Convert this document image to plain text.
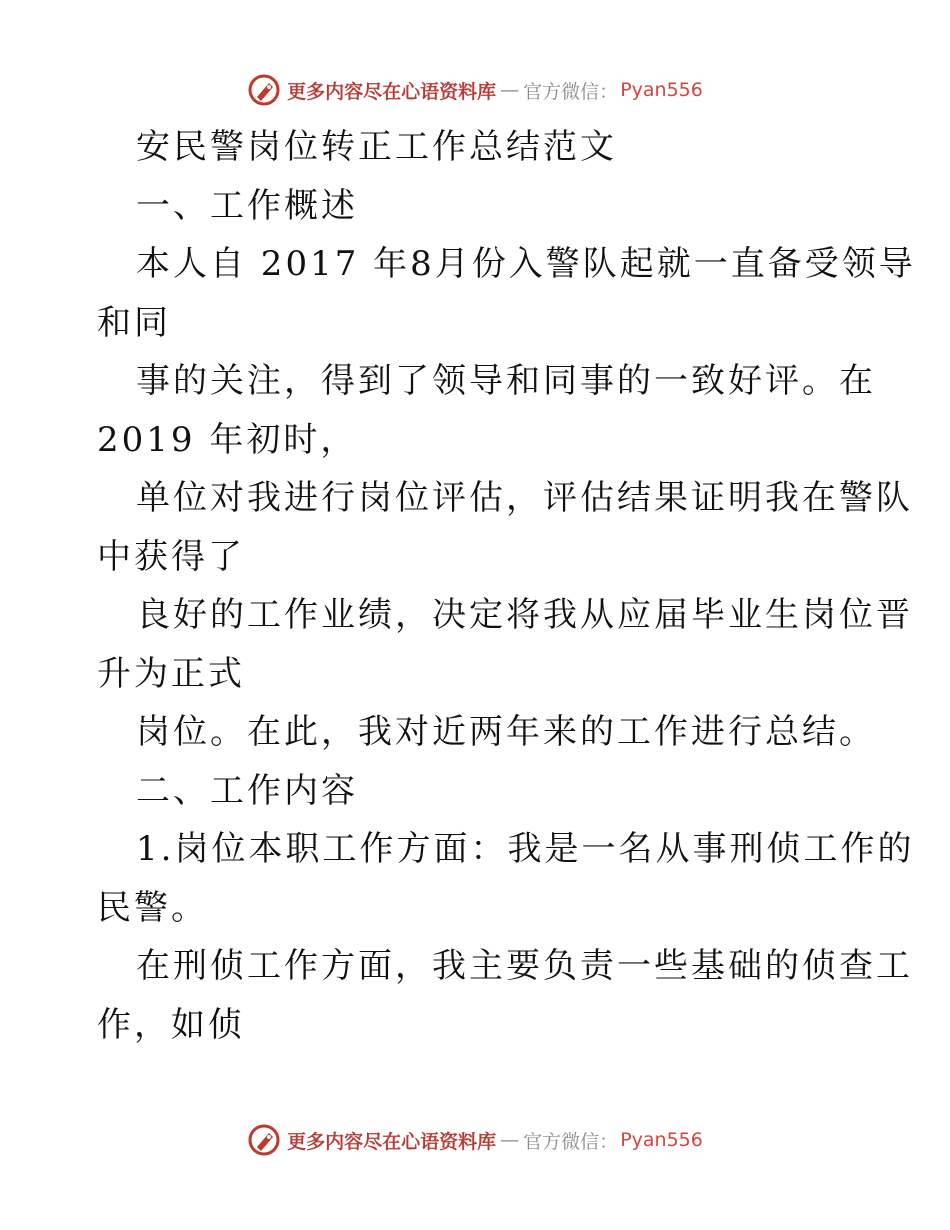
更多内容尽在心语资料库 — 官方微信： Pyan556
安民警岗位转正工作总结范文
一、工作概述
本人自 2017 年8月份入警队起就一直备受领导
和同
事的关注，得到了领导和同事的一致好评。在
2019 年初时，
单位对我进行岗位评估，评估结果证明我在警队
中获得了
良好的工作业绩，决定将我从应届毕业生岗位晋
升为正式
岗位。在此，我对近两年来的工作进行总结。
二、工作内容
1.岗位本职工作方面：我是一名从事刑侦工作的
民警。
在刑侦工作方面，我主要负责一些基础的侦查工
作，如侦
更多内容尽在心语资料库 — 官方微信： Pyan556
